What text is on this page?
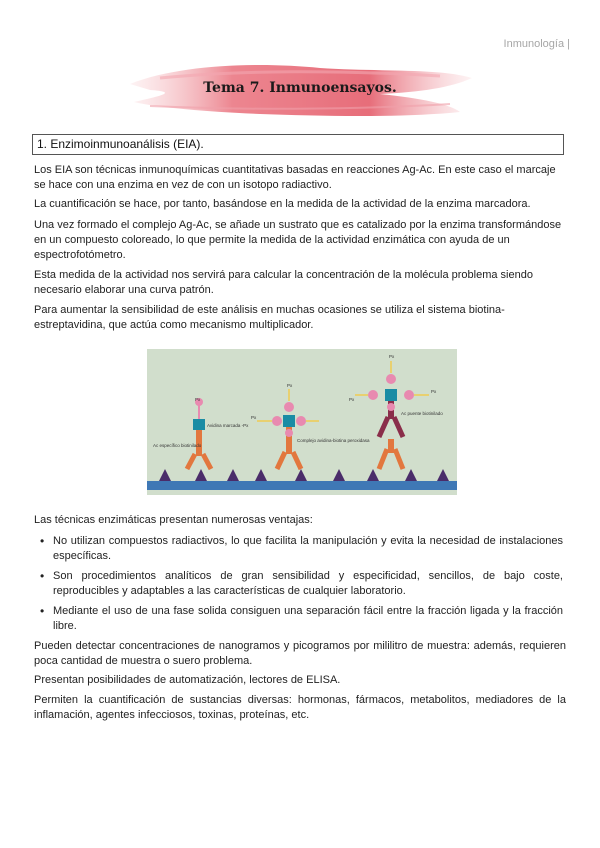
Inmunología |
Tema 7. Inmunoensayos.
1. Enzimoinmunoanálisis (EIA).
Los EIA son técnicas inmunoquímicas cuantitativas basadas en reacciones Ag-Ac. En este caso el marcaje se hace con una enzima en vez de con un isotopo radiactivo.
La cuantificación se hace, por tanto, basándose en la medida de la actividad de la enzima marcadora.
Una vez formado el complejo Ag-Ac, se añade un sustrato que es catalizado por la enzima transformándose en un compuesto coloreado, lo que permite la medida de la actividad enzimática con ayuda de un espectrofotómetro.
Esta medida de la actividad nos servirá para calcular la concentración de la molécula problema siendo necesario elaborar una curva patrón.
Para aumentar la sensibilidad de este análisis en muchas ocasiones se utiliza el sistema biotina-estreptavidina, que actúa como mecanismo multiplicador.
Px
Avidina marcada -Px
Ac específico biotinilado
Px
Px
Complejo avidina-biotina peroxidasa
Px
Px
Px
Ac puente biotinilado
Las técnicas enzimáticas presentan numerosas ventajas:
• No utilizan compuestos radiactivos, lo que facilita la manipulación y evita la necesidad de instalaciones específicas.
• Son procedimientos analíticos de gran sensibilidad y especificidad, sencillos, de bajo coste, reproducibles y adaptables a las características de cualquier laboratorio.
• Mediante el uso de una fase solida consiguen una separación fácil entre la fracción ligada y la fracción libre.
Pueden detectar concentraciones de nanogramos y picogramos por mililitro de muestra: además, requieren poca cantidad de muestra o suero problema.
Presentan posibilidades de automatización, lectores de ELISA.
Permiten la cuantificación de sustancias diversas: hormonas, fármacos, metabolitos, mediadores de la inflamación, agentes infecciosos, toxinas, proteínas, etc.
